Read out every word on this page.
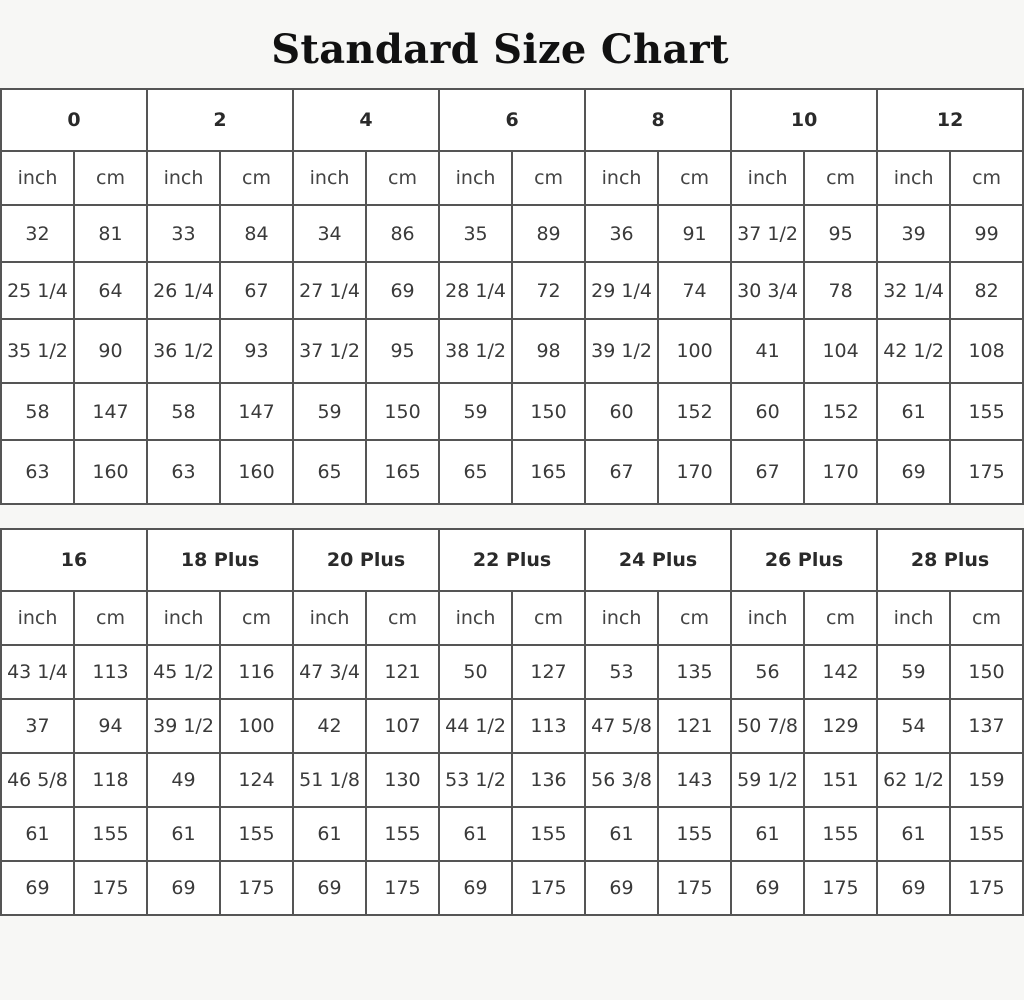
Standard Size Chart
0		2		4		6		8		10		12	
inch	cm	inch	cm	inch	cm	inch	cm	inch	cm	inch	cm	inch	cm
32	81	33	84	34	86	35	89	36	91	37 1/2	95	39	99
25 1/4	64	26 1/4	67	27 1/4	69	28 1/4	72	29 1/4	74	30 3/4	78	32 1/4	82
35 1/2	90	36 1/2	93	37 1/2	95	38 1/2	98	39 1/2	100	41	104	42 1/2	108
58	147	58	147	59	150	59	150	60	152	60	152	61	155
63	160	63	160	65	165	65	165	67	170	67	170	69	175
16		18 Plus		20 Plus		22 Plus		24 Plus		26 Plus		28 Plus	
inch	cm	inch	cm	inch	cm	inch	cm	inch	cm	inch	cm	inch	cm
43 1/4	113	45 1/2	116	47 3/4	121	50	127	53	135	56	142	59	150
37	94	39 1/2	100	42	107	44 1/2	113	47 5/8	121	50 7/8	129	54	137
46 5/8	118	49	124	51 1/8	130	53 1/2	136	56 3/8	143	59 1/2	151	62 1/2	159
61	155	61	155	61	155	61	155	61	155	61	155	61	155
69	175	69	175	69	175	69	175	69	175	69	175	69	175
